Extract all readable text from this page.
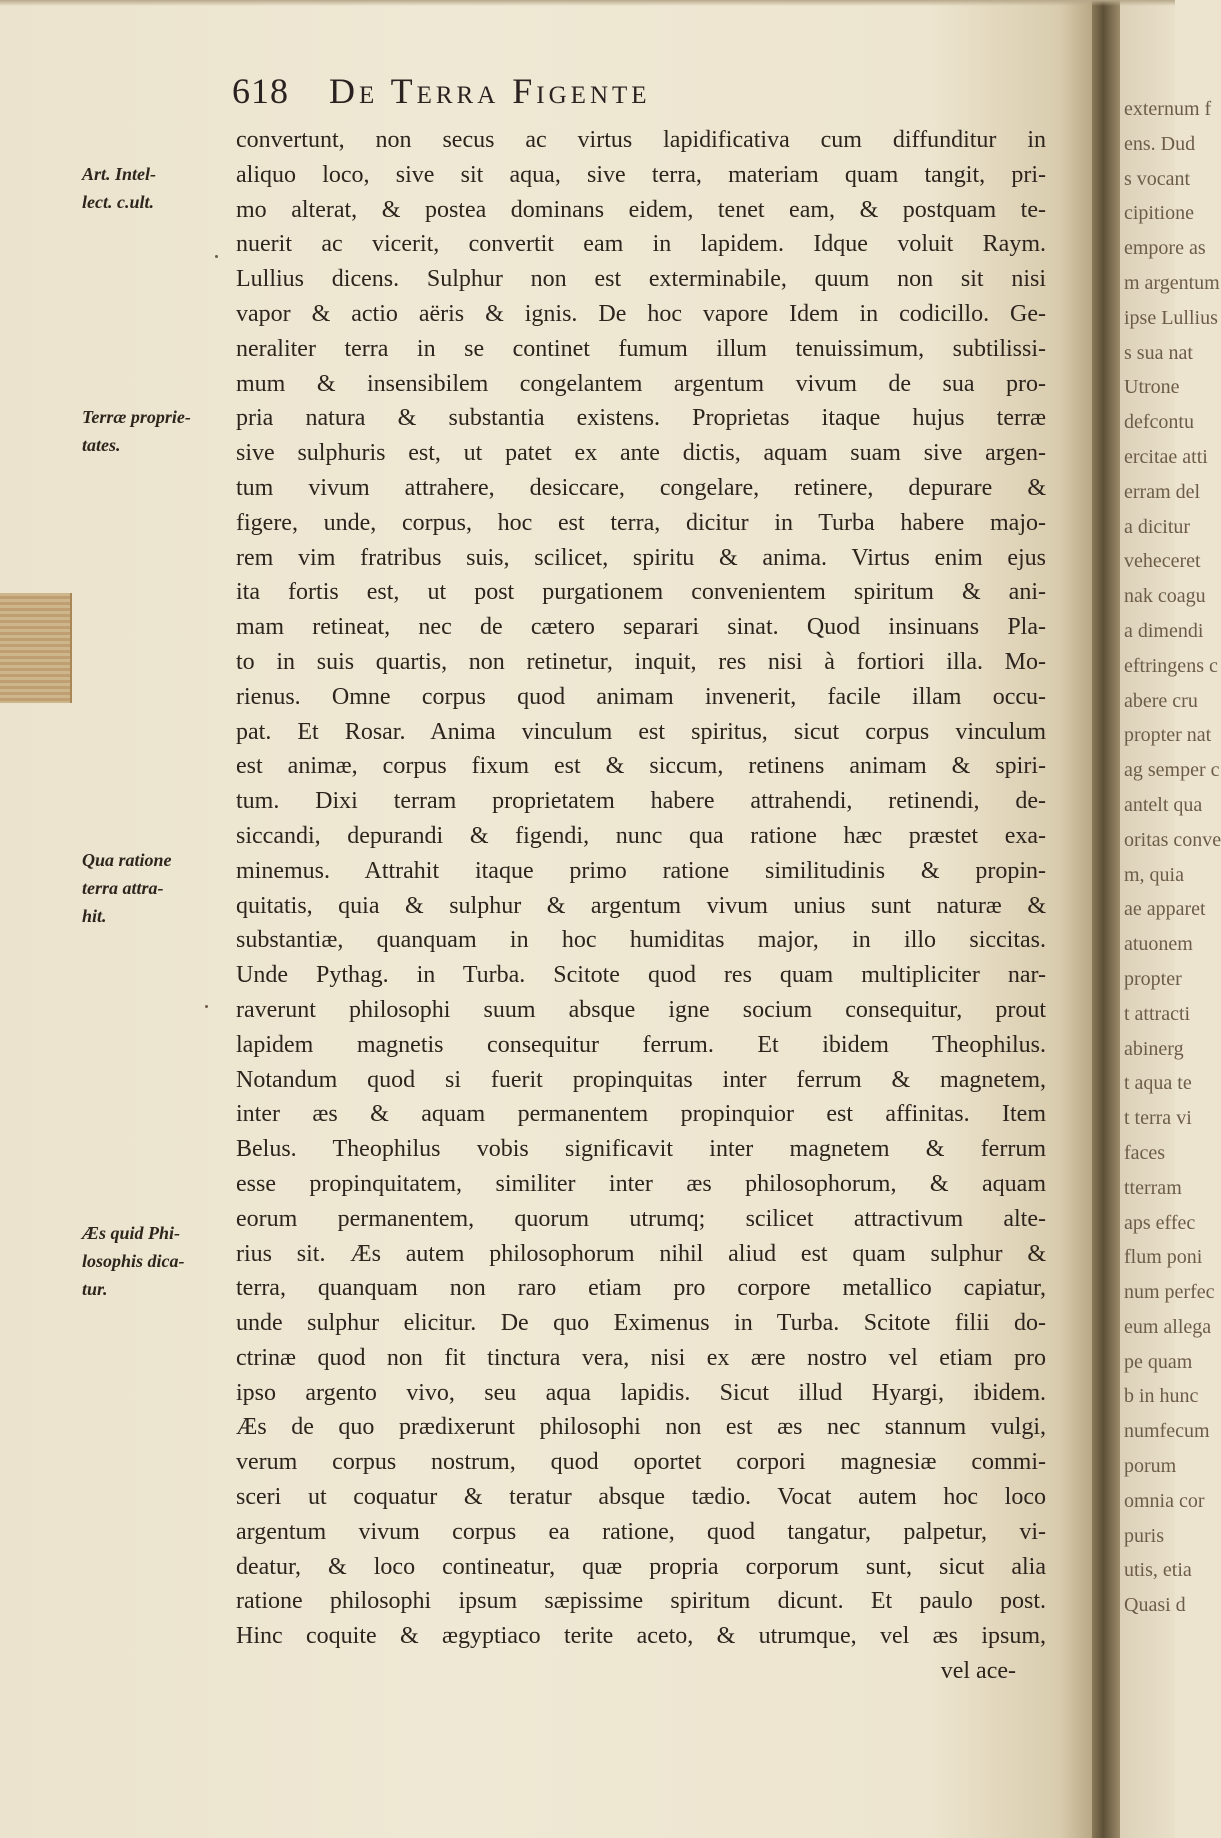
externum f
ens. Dud
s vocant
cipitione
empore as
m argentum
ipse Lullius
s sua nat
Utrone
defcontu
ercitae atti
erram del
a dicitur
veheceret
nak coagu
a dimendi
eftringens c
abere cru
propter nat
ag semper c
antelt qua
oritas conve
m, quia
ae apparet
atuonem
propter
t attracti
abinerg
t aqua te
t terra vi
faces
tterram
aps effec
flum poni
num perfec
eum allega
pe quam
b in hunc
numfecum
porum
omnia cor
puris
utis, etia
Quasi d
618 De Terra Figente
Art. Intel-
lect. c.ult.
Terræ proprie-
tates.
Qua ratione
terra attra-
hit.
Æs quid Phi-
losophis dica-
tur.
convertunt, non secus ac virtus lapidificativa cum diffunditur in
aliquo loco, sive sit aqua, sive terra, materiam quam tangit, pri-
mo alterat, & postea dominans eidem, tenet eam, & postquam te-
nuerit ac vicerit, convertit eam in lapidem. Idque voluit Raym.
Lullius dicens. Sulphur non est exterminabile, quum non sit nisi
vapor & actio aëris & ignis. De hoc vapore Idem in codicillo. Ge-
neraliter terra in se continet fumum illum tenuissimum, subtilissi-
mum & insensibilem congelantem argentum vivum de sua pro-
pria natura & substantia existens. Proprietas itaque hujus terræ
sive sulphuris est, ut patet ex ante dictis, aquam suam sive argen-
tum vivum attrahere, desiccare, congelare, retinere, depurare &
figere, unde, corpus, hoc est terra, dicitur in Turba habere majo-
rem vim fratribus suis, scilicet, spiritu & anima. Virtus enim ejus
ita fortis est, ut post purgationem convenientem spiritum & ani-
mam retineat, nec de cætero separari sinat. Quod insinuans Pla-
to in suis quartis, non retinetur, inquit, res nisi à fortiori illa. Mo-
rienus. Omne corpus quod animam invenerit, facile illam occu-
pat. Et Rosar. Anima vinculum est spiritus, sicut corpus vinculum
est animæ, corpus fixum est & siccum, retinens animam & spiri-
tum. Dixi terram proprietatem habere attrahendi, retinendi, de-
siccandi, depurandi & figendi, nunc qua ratione hæc præstet exa-
minemus. Attrahit itaque primo ratione similitudinis & propin-
quitatis, quia & sulphur & argentum vivum unius sunt naturæ &
substantiæ, quanquam in hoc humiditas major, in illo siccitas.
Unde Pythag. in Turba. Scitote quod res quam multipliciter nar-
raverunt philosophi suum absque igne socium consequitur, prout
lapidem magnetis consequitur ferrum. Et ibidem Theophilus.
Notandum quod si fuerit propinquitas inter ferrum & magnetem,
inter æs & aquam permanentem propinquior est affinitas. Item
Belus. Theophilus vobis significavit inter magnetem & ferrum
esse propinquitatem, similiter inter æs philosophorum, & aquam
eorum permanentem, quorum utrumq; scilicet attractivum alte-
rius sit. Æs autem philosophorum nihil aliud est quam sulphur &
terra, quanquam non raro etiam pro corpore metallico capiatur,
unde sulphur elicitur. De quo Eximenus in Turba. Scitote filii do-
ctrinæ quod non fit tinctura vera, nisi ex ære nostro vel etiam pro
ipso argento vivo, seu aqua lapidis. Sicut illud Hyargi, ibidem.
Æs de quo prædixerunt philosophi non est æs nec stannum vulgi,
verum corpus nostrum, quod oportet corpori magnesiæ commi-
sceri ut coquatur & teratur absque tædio. Vocat autem hoc loco
argentum vivum corpus ea ratione, quod tangatur, palpetur, vi-
deatur, & loco contineatur, quæ propria corporum sunt, sicut alia
ratione philosophi ipsum sæpissime spiritum dicunt. Et paulo post.
Hinc coquite & ægyptiaco terite aceto, & utrumque, vel æs ipsum,
vel ace-
